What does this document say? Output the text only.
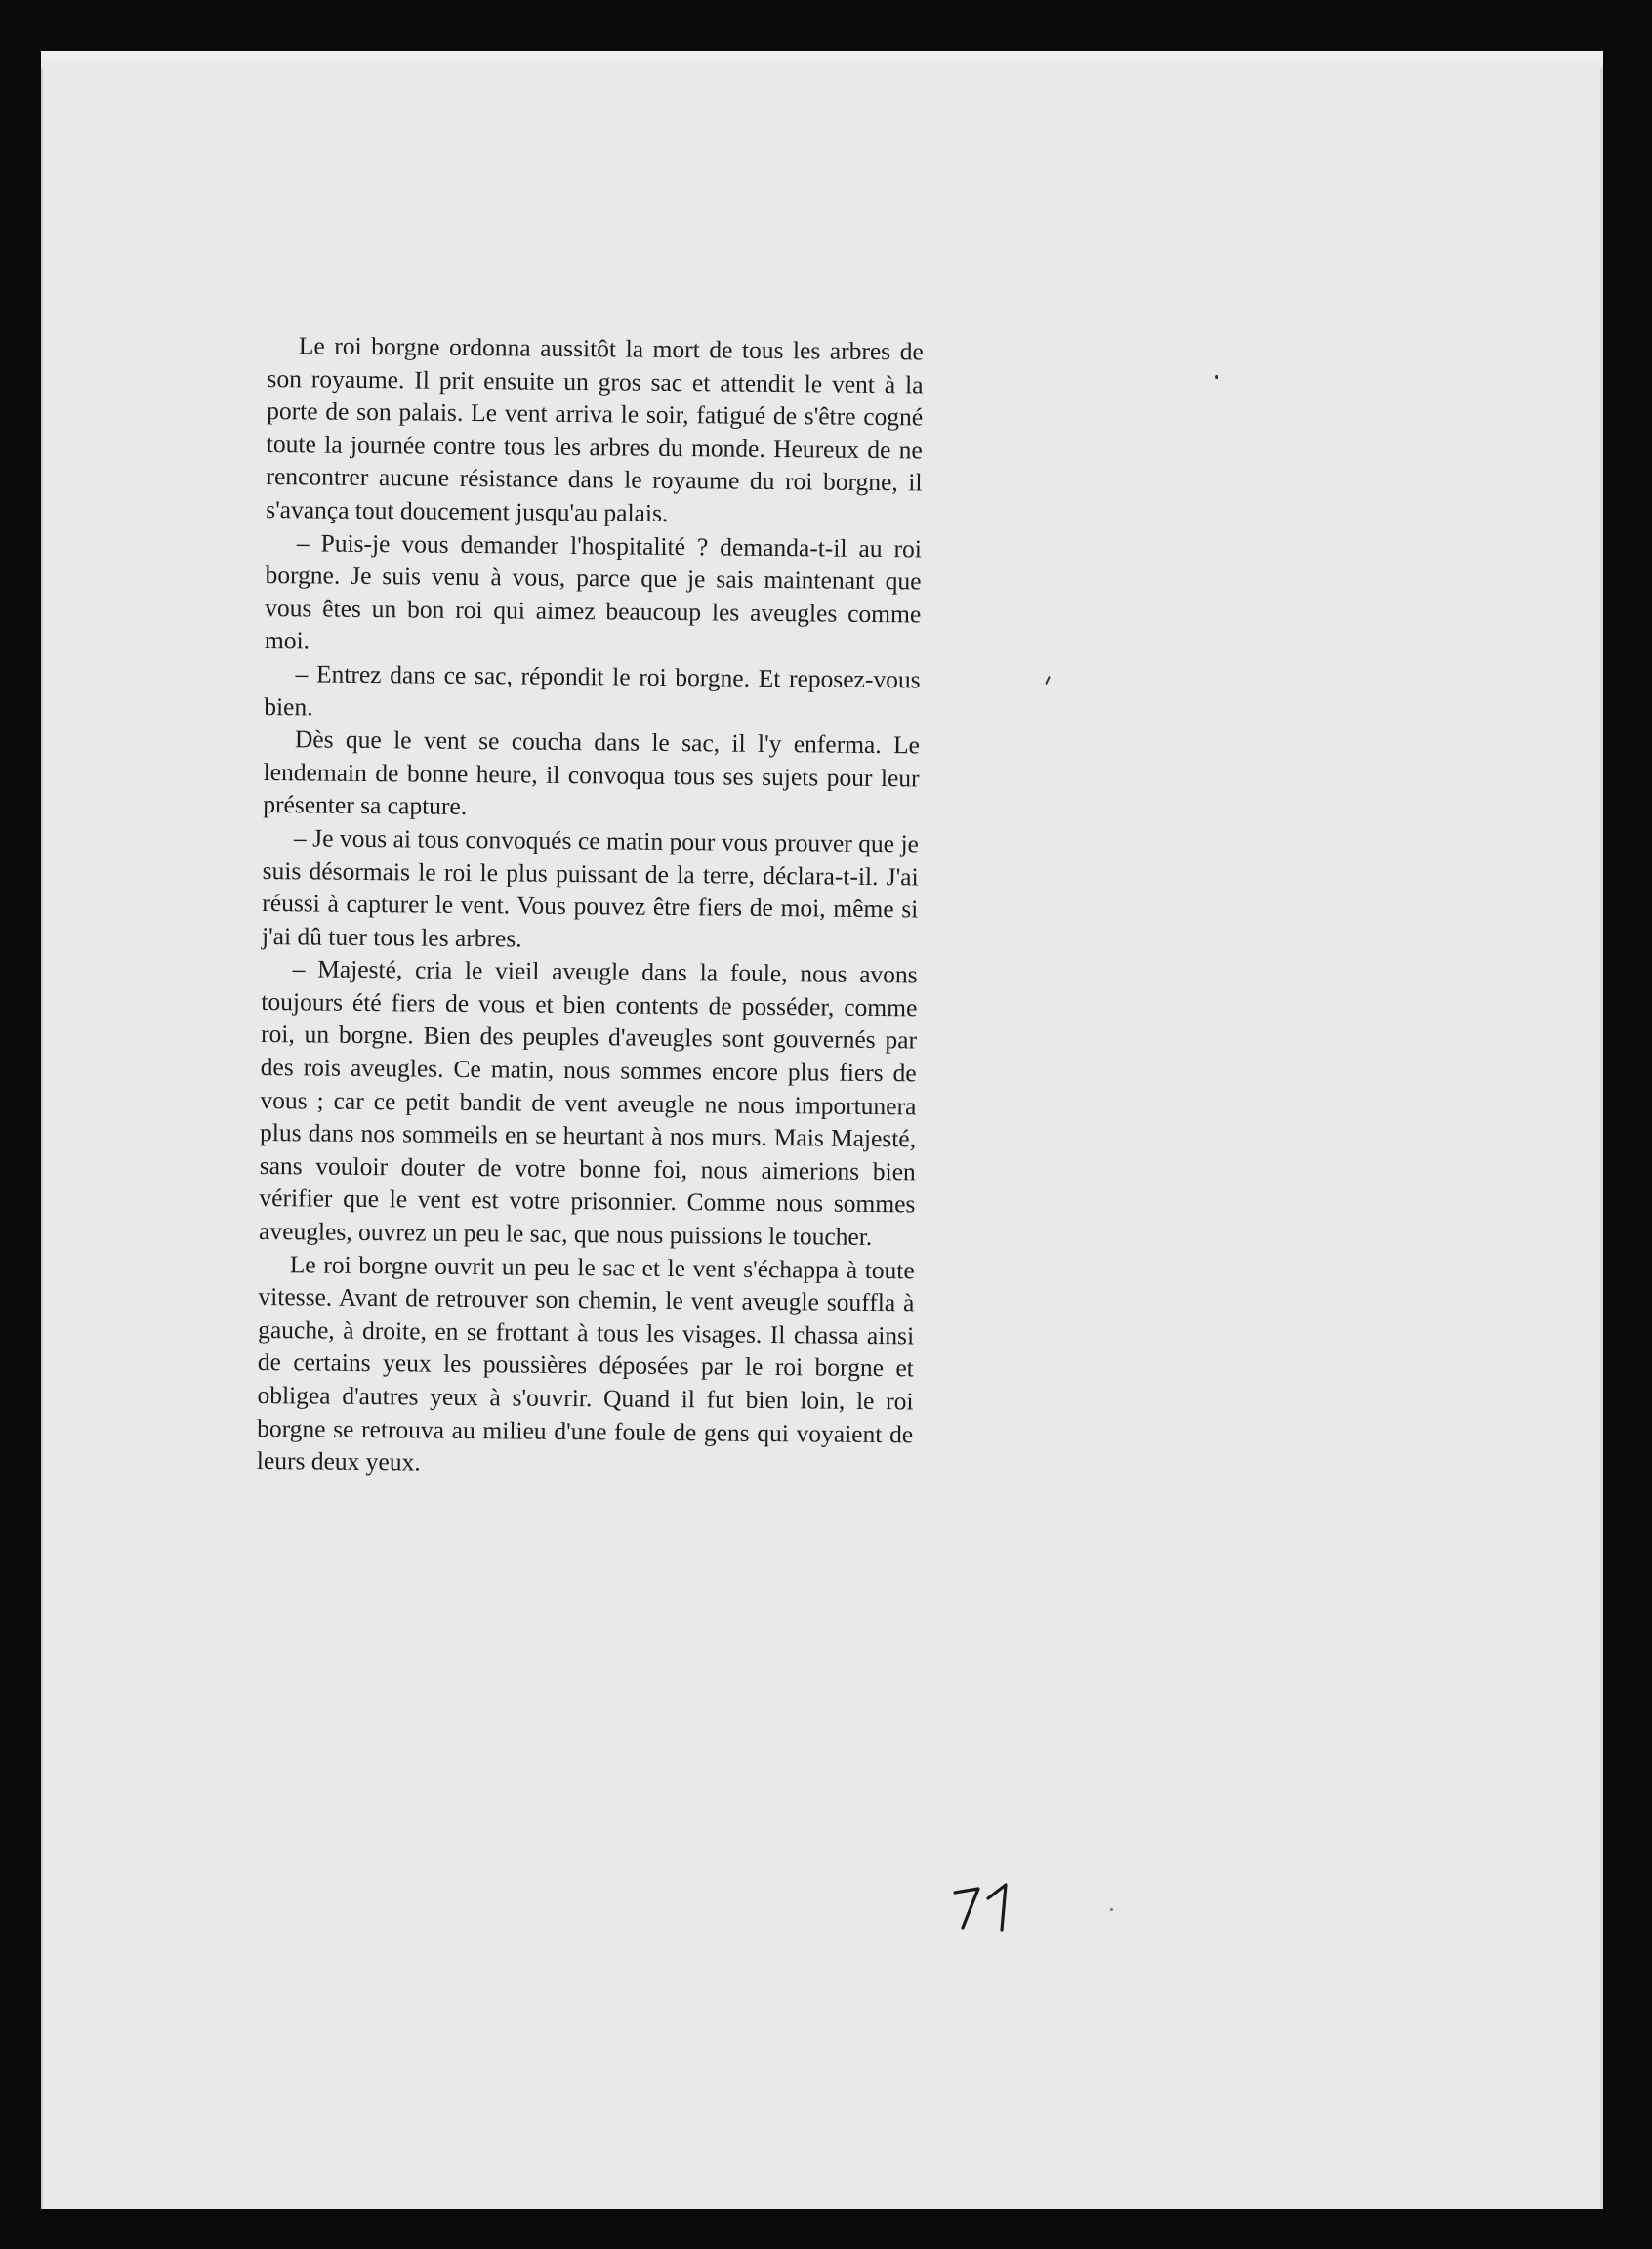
Le roi borgne ordonna aussitôt la mort de tous les arbres de son royaume. Il prit ensuite un gros sac et attendit le vent à la porte de son palais. Le vent arriva le soir, fatigué de s'être cogné toute la journée contre tous les arbres du monde. Heureux de ne rencontrer aucune résistance dans le royaume du roi borgne, il s'avança tout doucement jusqu'au palais.

– Puis-je vous demander l'hospitalité ? demanda-t-il au roi borgne. Je suis venu à vous, parce que je sais maintenant que vous êtes un bon roi qui aimez beaucoup les aveugles comme moi.

– Entrez dans ce sac, répondit le roi borgne. Et reposez-vous bien.

Dès que le vent se coucha dans le sac, il l'y enferma. Le lendemain de bonne heure, il convoqua tous ses sujets pour leur présenter sa capture.

– Je vous ai tous convoqués ce matin pour vous prouver que je suis désormais le roi le plus puissant de la terre, déclara-t-il. J'ai réussi à capturer le vent. Vous pouvez être fiers de moi, même si j'ai dû tuer tous les arbres.

– Majesté, cria le vieil aveugle dans la foule, nous avons toujours été fiers de vous et bien contents de posséder, comme roi, un borgne. Bien des peuples d'aveugles sont gouvernés par des rois aveugles. Ce matin, nous sommes encore plus fiers de vous ; car ce petit bandit de vent aveugle ne nous importunera plus dans nos sommeils en se heurtant à nos murs. Mais Majesté, sans vouloir douter de votre bonne foi, nous aimerions bien vérifier que le vent est votre prisonnier. Comme nous sommes aveugles, ouvrez un peu le sac, que nous puissions le toucher.

Le roi borgne ouvrit un peu le sac et le vent s'échappa à toute vitesse. Avant de retrouver son chemin, le vent aveugle souffla à gauche, à droite, en se frottant à tous les visages. Il chassa ainsi de certains yeux les poussières déposées par le roi borgne et obligea d'autres yeux à s'ouvrir. Quand il fut bien loin, le roi borgne se retrouva au milieu d'une foule de gens qui voyaient de leurs deux yeux.
